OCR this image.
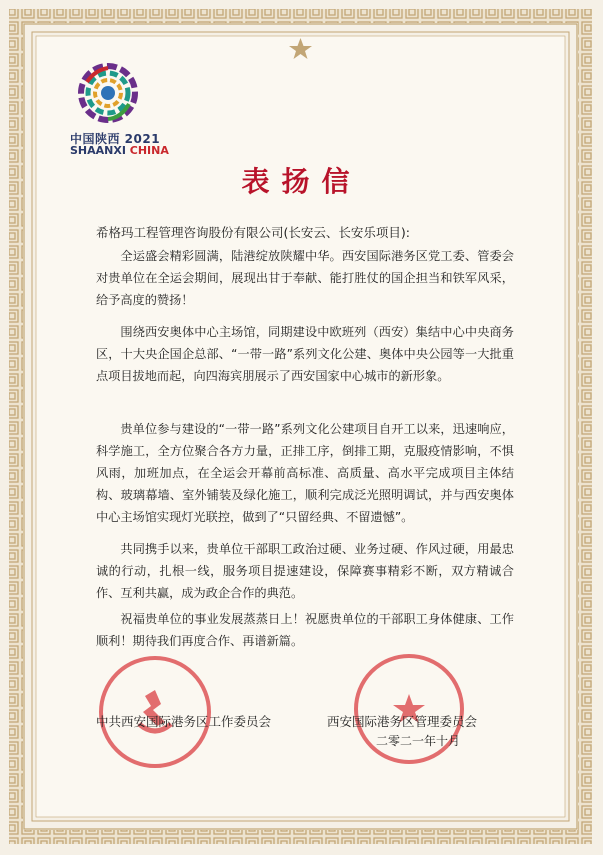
中国陕西 2021
SHAANXI CHINA
表扬信
希格玛工程管理咨询股份有限公司(长安云、长安乐项目):
全运盛会精彩圆满，陆港绽放陕耀中华。西安国际港务区党工委、管委会对贵单位在全运会期间，展现出甘于奉献、能打胜仗的国企担当和铁军风采，给予高度的赞扬！
围绕西安奥体中心主场馆，同期建设中欧班列（西安）集结中心中央商务区，十大央企国企总部、“一带一路”系列文化公建、奥体中央公园等一大批重点项目拔地而起，向四海宾朋展示了西安国家中心城市的新形象。
贵单位参与建设的“一带一路”系列文化公建项目自开工以来，迅速响应，科学施工，全方位聚合各方力量，正排工序，倒排工期，克服疫情影响，不惧风雨，加班加点，在全运会开幕前高标准、高质量、高水平完成项目主体结构、玻璃幕墙、室外铺装及绿化施工，顺利完成泛光照明调试，并与西安奥体中心主场馆实现灯光联控，做到了“只留经典、不留遗憾”。
共同携手以来，贵单位干部职工政治过硬、业务过硬、作风过硬，用最忠诚的行动，扎根一线，服务项目提速建设，保障赛事精彩不断，双方精诚合作、互利共赢，成为政企合作的典范。
祝福贵单位的事业发展蒸蒸日上！祝愿贵单位的干部职工身体健康、工作顺利！期待我们再度合作、再谱新篇。
中共西安国际港务区工作委员会	西安国际港务区管理委员会
二零二一年十月
